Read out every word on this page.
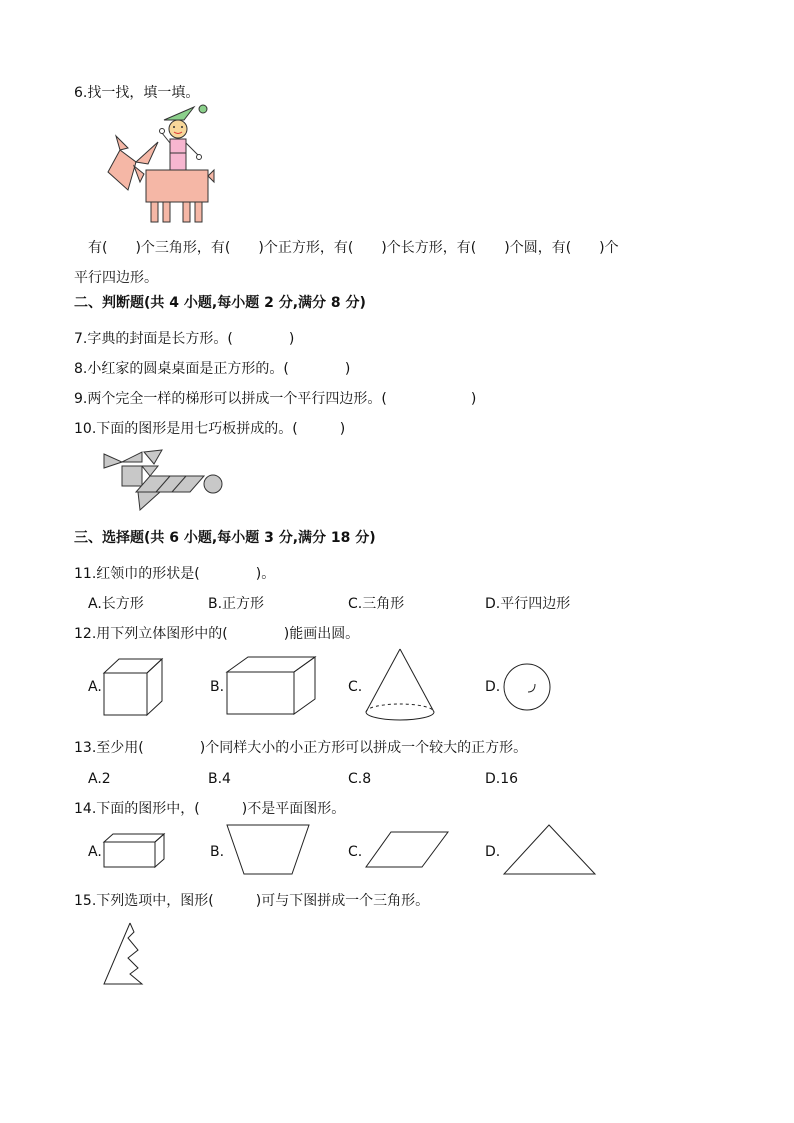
6.找一找，填一填。
有(　　)个三角形，有(　　)个正方形，有(　　)个长方形，有(　　)个圆，有(　　)个
平行四边形。
二、判断题(共 4 小题,每小题 2 分,满分 8 分)
7.字典的封面是长方形。(　　　　)
8.小红家的圆桌桌面是正方形的。(　　　　)
9.两个完全一样的梯形可以拼成一个平行四边形。(　　　　　　)
10.下面的图形是用七巧板拼成的。(　　　)
三、选择题(共 6 小题,每小题 3 分,满分 18 分)
11.红领巾的形状是(　　　　)。
A.长方形	B.正方形	C.三角形	D.平行四边形
12.用下列立体图形中的(　　　　)能画出圆。
A.	B.	C.	D.
13.至少用(　　　　)个同样大小的小正方形可以拼成一个较大的正方形。
A.2	B.4	C.8	D.16
14.下面的图形中，(　　　)不是平面图形。
A.	B.	C.	D.
15.下列选项中，图形(　　　)可与下图拼成一个三角形。
